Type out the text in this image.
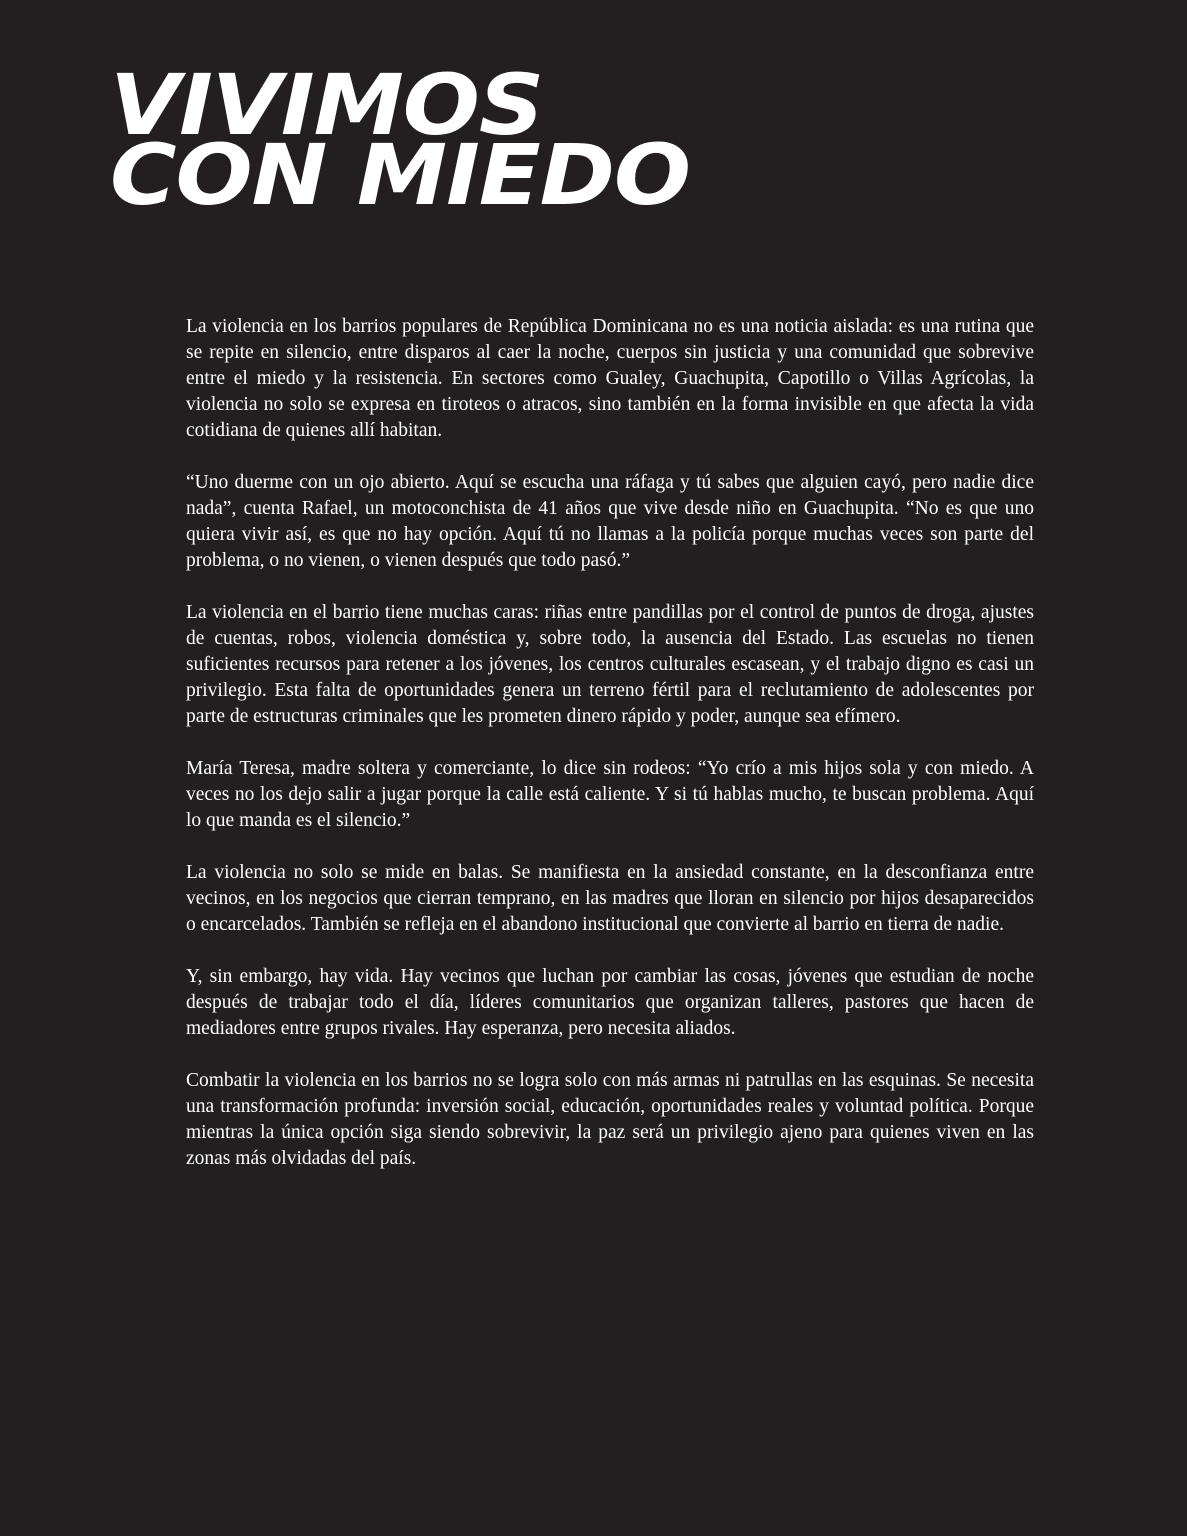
VIVIMOS
CON MIEDO

La violencia en los barrios populares de República Dominicana no es una noticia aislada: es una rutina que se repite en silencio, entre disparos al caer la noche, cuerpos sin justicia y una comunidad que sobrevive entre el miedo y la resistencia. En sectores como Gualey, Guachupita, Capotillo o Villas Agrícolas, la violencia no solo se expresa en tiroteos o atracos, sino también en la forma invisible en que afecta la vida cotidiana de quienes allí habitan.

“Uno duerme con un ojo abierto. Aquí se escucha una ráfaga y tú sabes que alguien cayó, pero nadie dice nada”, cuenta Rafael, un motoconchista de 41 años que vive desde niño en Guachupita. “No es que uno quiera vivir así, es que no hay opción. Aquí tú no llamas a la policía porque muchas veces son parte del problema, o no vienen, o vienen después que todo pasó.”

La violencia en el barrio tiene muchas caras: riñas entre pandillas por el control de puntos de droga, ajustes de cuentas, robos, violencia doméstica y, sobre todo, la ausencia del Estado. Las escuelas no tienen suficientes recursos para retener a los jóvenes, los centros culturales escasean, y el trabajo digno es casi un privilegio. Esta falta de oportunidades genera un terreno fértil para el reclutamiento de adolescentes por parte de estructuras criminales que les prometen dinero rápido y poder, aunque sea efímero.

María Teresa, madre soltera y comerciante, lo dice sin rodeos: “Yo crío a mis hijos sola y con miedo. A veces no los dejo salir a jugar porque la calle está caliente. Y si tú hablas mucho, te buscan problema. Aquí lo que manda es el silencio.”

La violencia no solo se mide en balas. Se manifiesta en la ansiedad constante, en la desconfianza entre vecinos, en los negocios que cierran temprano, en las madres que lloran en silencio por hijos desaparecidos o encarcelados. También se refleja en el abandono institucional que convierte al barrio en tierra de nadie.

Y, sin embargo, hay vida. Hay vecinos que luchan por cambiar las cosas, jóvenes que estudian de noche después de trabajar todo el día, líderes comunitarios que organizan talleres, pastores que hacen de mediadores entre grupos rivales. Hay esperanza, pero necesita aliados.

Combatir la violencia en los barrios no se logra solo con más armas ni patrullas en las esquinas. Se necesita una transformación profunda: inversión social, educación, oportunidades reales y voluntad política. Porque mientras la única opción siga siendo sobrevivir, la paz será un privilegio ajeno para quienes viven en las zonas más olvidadas del país.
